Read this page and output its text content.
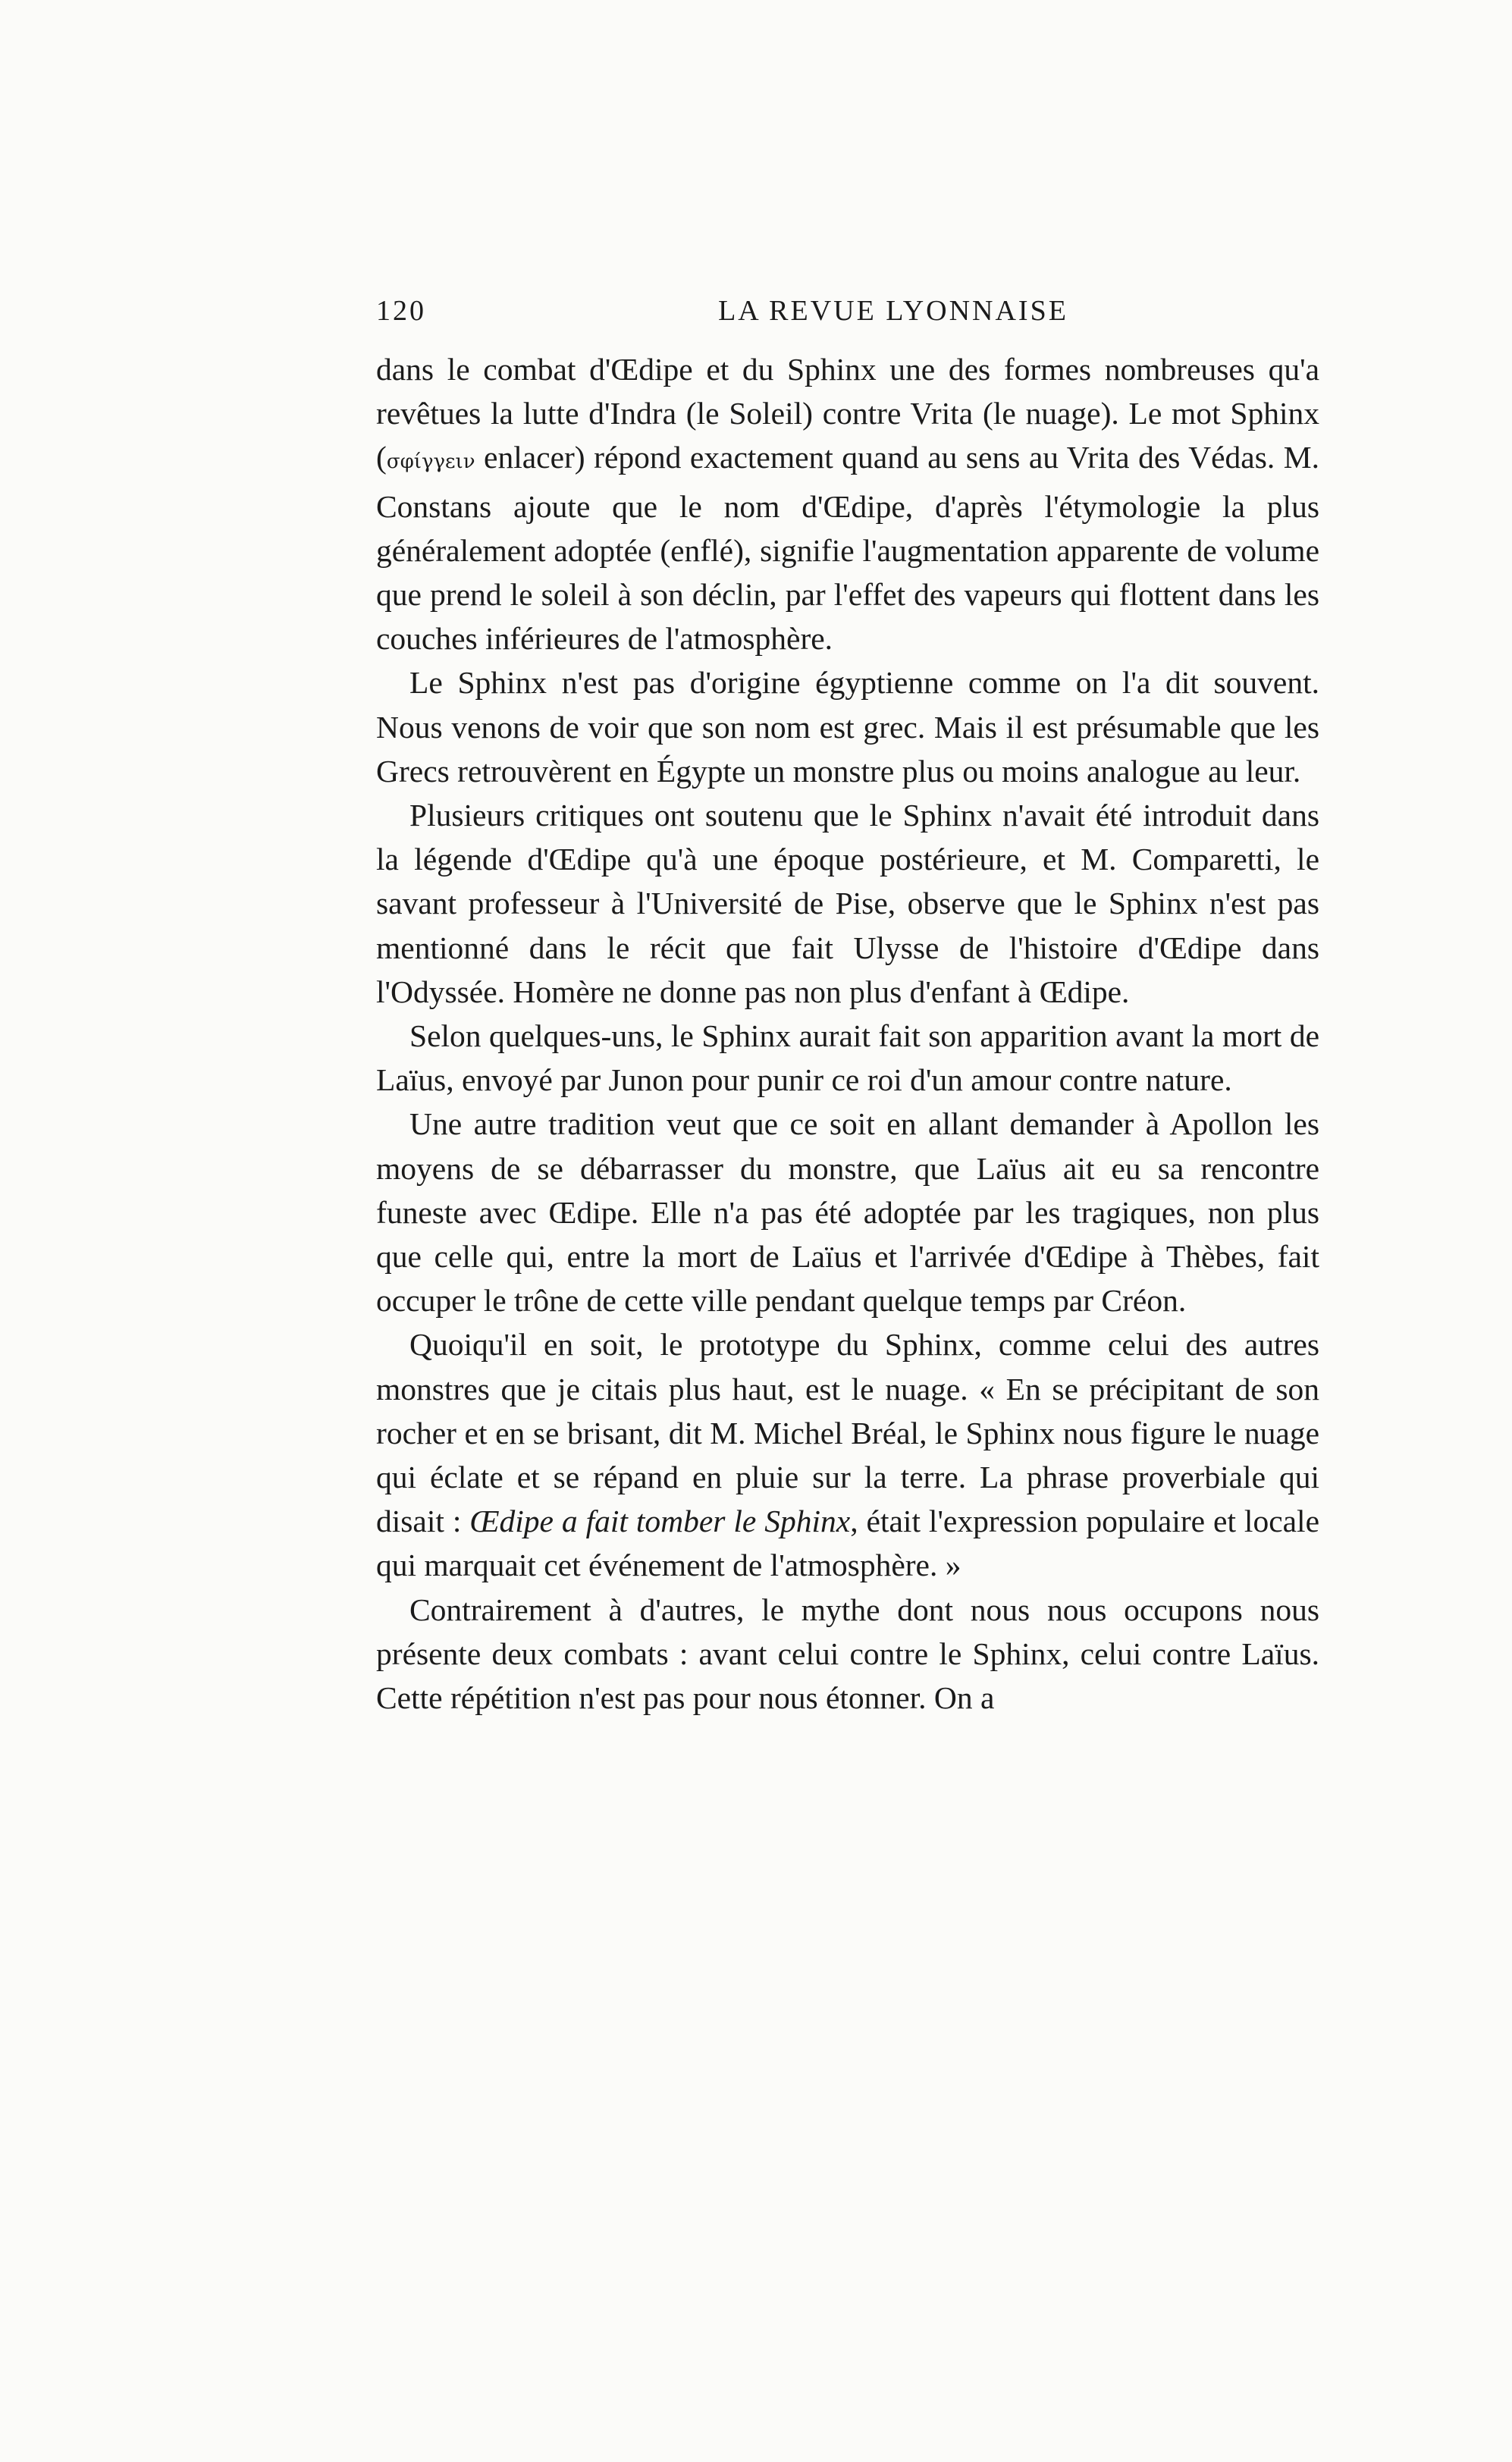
120	LA REVUE LYONNAISE

dans le combat d'Œdipe et du Sphinx une des formes nombreuses qu'a revêtues la lutte d'Indra (le Soleil) contre Vrita (le nuage). Le mot Sphinx (σφίγγειν enlacer) répond exactement quand au sens au Vrita des Védas. M. Constans ajoute que le nom d'Œdipe, d'après l'étymologie la plus généralement adoptée (enflé), signifie l'augmentation apparente de volume que prend le soleil à son déclin, par l'effet des vapeurs qui flottent dans les couches inférieures de l'atmosphère.

Le Sphinx n'est pas d'origine égyptienne comme on l'a dit souvent. Nous venons de voir que son nom est grec. Mais il est présumable que les Grecs retrouvèrent en Égypte un monstre plus ou moins analogue au leur.

Plusieurs critiques ont soutenu que le Sphinx n'avait été introduit dans la légende d'Œdipe qu'à une époque postérieure, et M. Comparetti, le savant professeur à l'Université de Pise, observe que le Sphinx n'est pas mentionné dans le récit que fait Ulysse de l'histoire d'Œdipe dans l'Odyssée. Homère ne donne pas non plus d'enfant à Œdipe.

Selon quelques-uns, le Sphinx aurait fait son apparition avant la mort de Laïus, envoyé par Junon pour punir ce roi d'un amour contre nature.

Une autre tradition veut que ce soit en allant demander à Apollon les moyens de se débarrasser du monstre, que Laïus ait eu sa rencontre funeste avec Œdipe. Elle n'a pas été adoptée par les tragiques, non plus que celle qui, entre la mort de Laïus et l'arrivée d'Œdipe à Thèbes, fait occuper le trône de cette ville pendant quelque temps par Créon.

Quoiqu'il en soit, le prototype du Sphinx, comme celui des autres monstres que je citais plus haut, est le nuage. « En se précipitant de son rocher et en se brisant, dit M. Michel Bréal, le Sphinx nous figure le nuage qui éclate et se répand en pluie sur la terre. La phrase proverbiale qui disait : Œdipe a fait tomber le Sphinx, était l'expression populaire et locale qui marquait cet événement de l'atmosphère. »

Contrairement à d'autres, le mythe dont nous nous occupons nous présente deux combats : avant celui contre le Sphinx, celui contre Laïus. Cette répétition n'est pas pour nous étonner. On a
